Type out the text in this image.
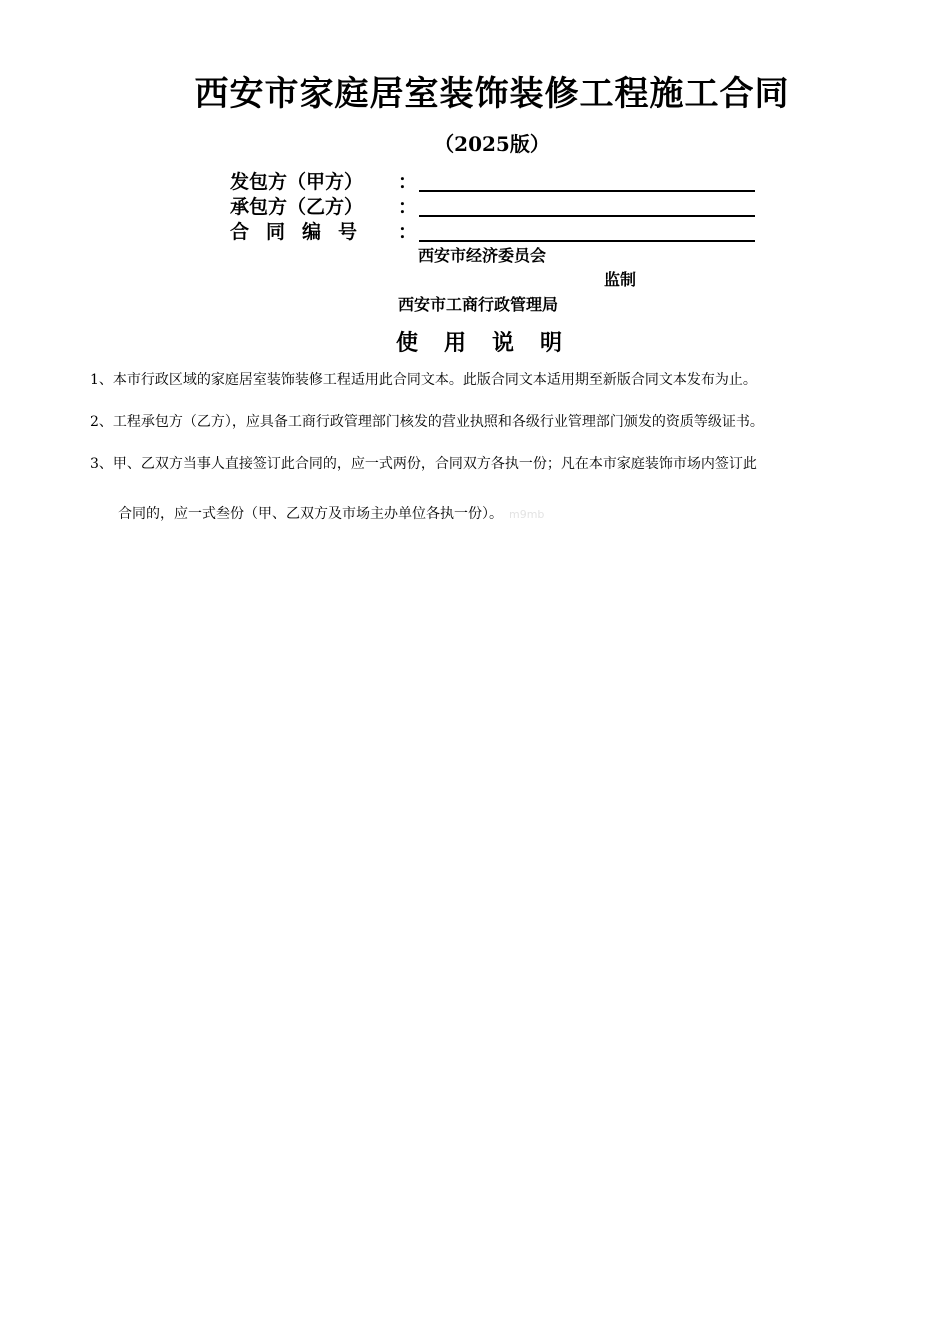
西安市家庭居室装饰装修工程施工合同
（2025版）
发包方（甲方）	：
承包方（乙方）	：
合同编号	：
西安市经济委员会
监制
西安市工商行政管理局
使用说明
1、本市行政区域的家庭居室装饰装修工程适用此合同文本。此版合同文本适用期至新版合同文本发布为止。
2、工程承包方（乙方），应具备工商行政管理部门核发的营业执照和各级行业管理部门颁发的资质等级证书。
3、甲、乙双方当事人直接签订此合同的，应一式两份，合同双方各执一份；凡在本市家庭装饰市场内签订此
合同的，应一式叁份（甲、乙双方及市场主办单位各执一份）。 m9mb
